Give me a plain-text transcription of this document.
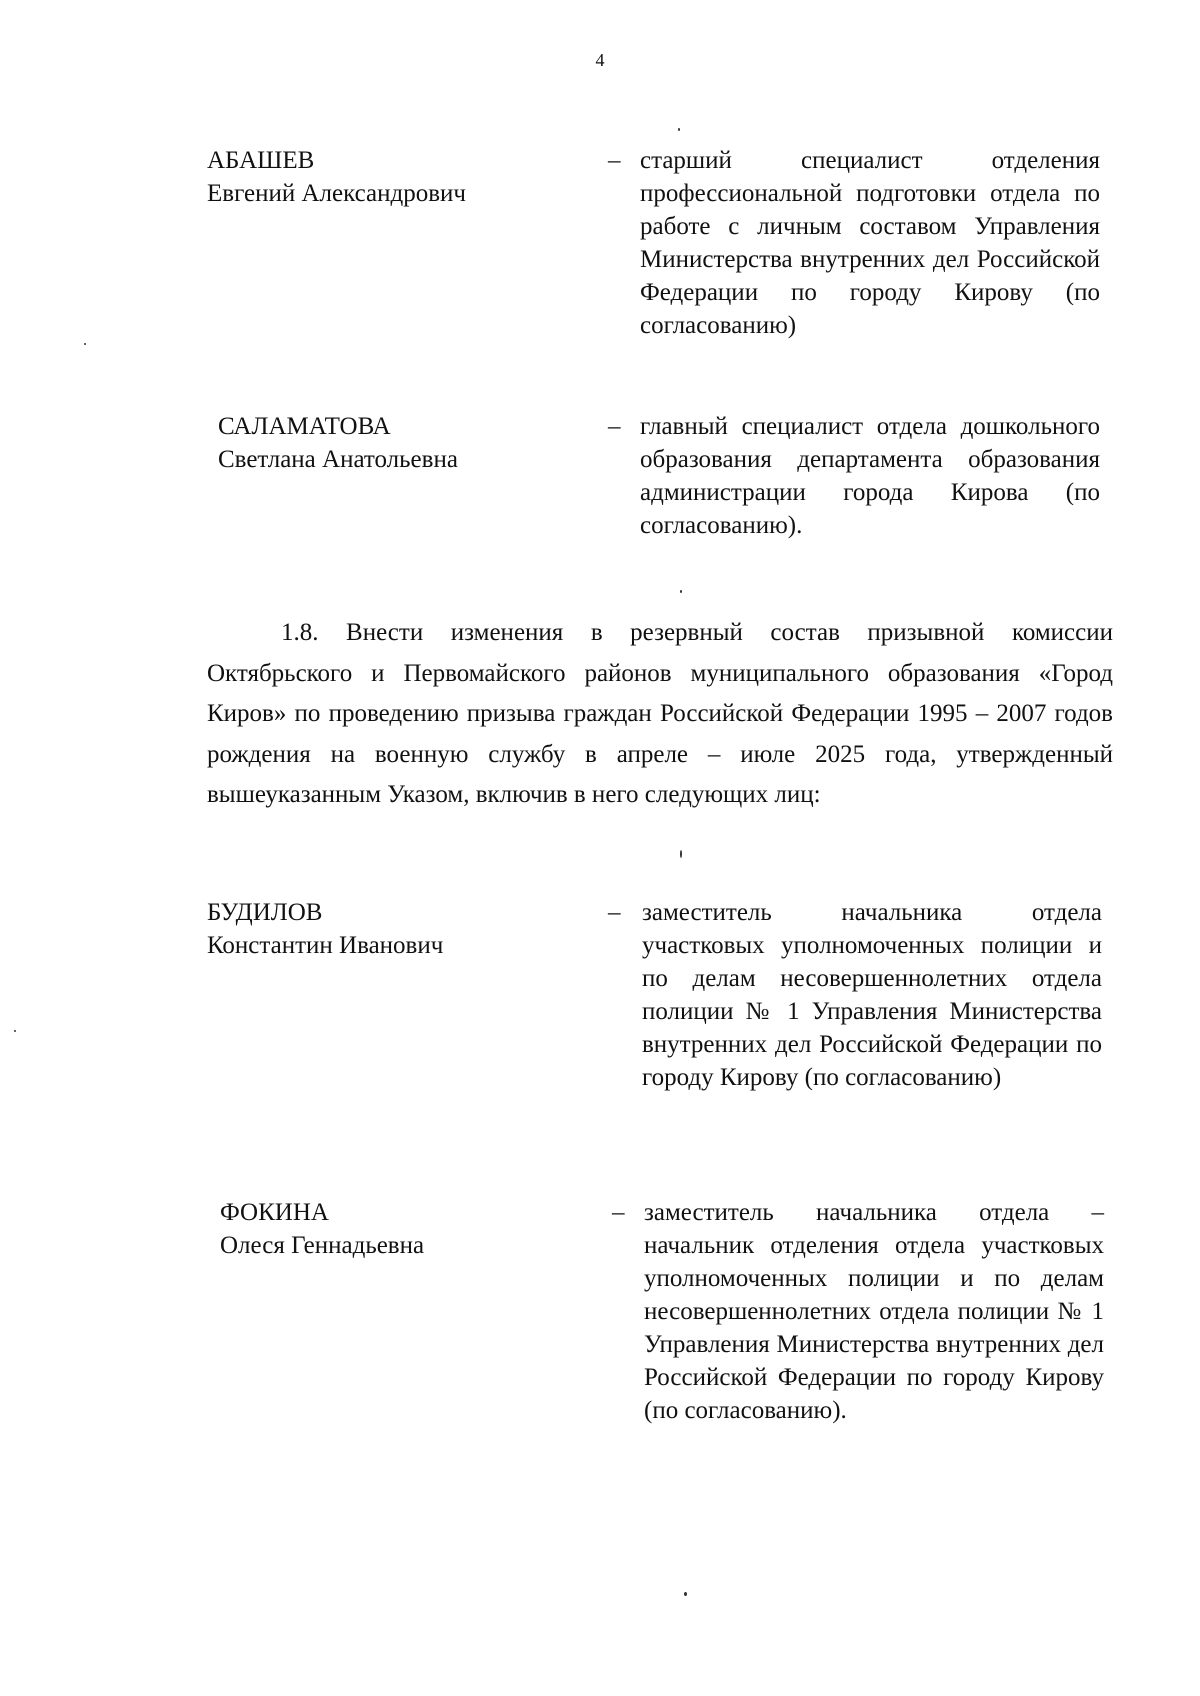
4
АБАШЕВ
Евгений Александрович
– старший специалист отделения профессиональной подготовки отдела по работе с личным составом Управления Министерства внутренних дел Российской Федерации по городу Кирову (по согласованию)
САЛАМАТОВА
Светлана Анатольевна
– главный специалист отдела дошкольного образования департамента образования администрации города Кирова (по согласованию).

1.8. Внести изменения в резервный состав призывной комиссии Октябрьского и Первомайского районов муниципального образования «Город Киров» по проведению призыва граждан Российской Федерации 1995 – 2007 годов рождения на военную службу в апреле – июле 2025 года, утвержденный вышеуказанным Указом, включив в него следующих лиц:

БУДИЛОВ
Константин Иванович
– заместитель начальника отдела участковых уполномоченных полиции и по делам несовершеннолетних отдела полиции № 1 Управления Министерства внутренних дел Российской Федерации по городу Кирову (по согласованию)
ФОКИНА
Олеся Геннадьевна
– заместитель начальника отдела – начальник отделения отдела участковых уполномоченных полиции и по делам несовершеннолетних отдела полиции № 1 Управления Министерства внутренних дел Российской Федерации по городу Кирову (по согласованию).
